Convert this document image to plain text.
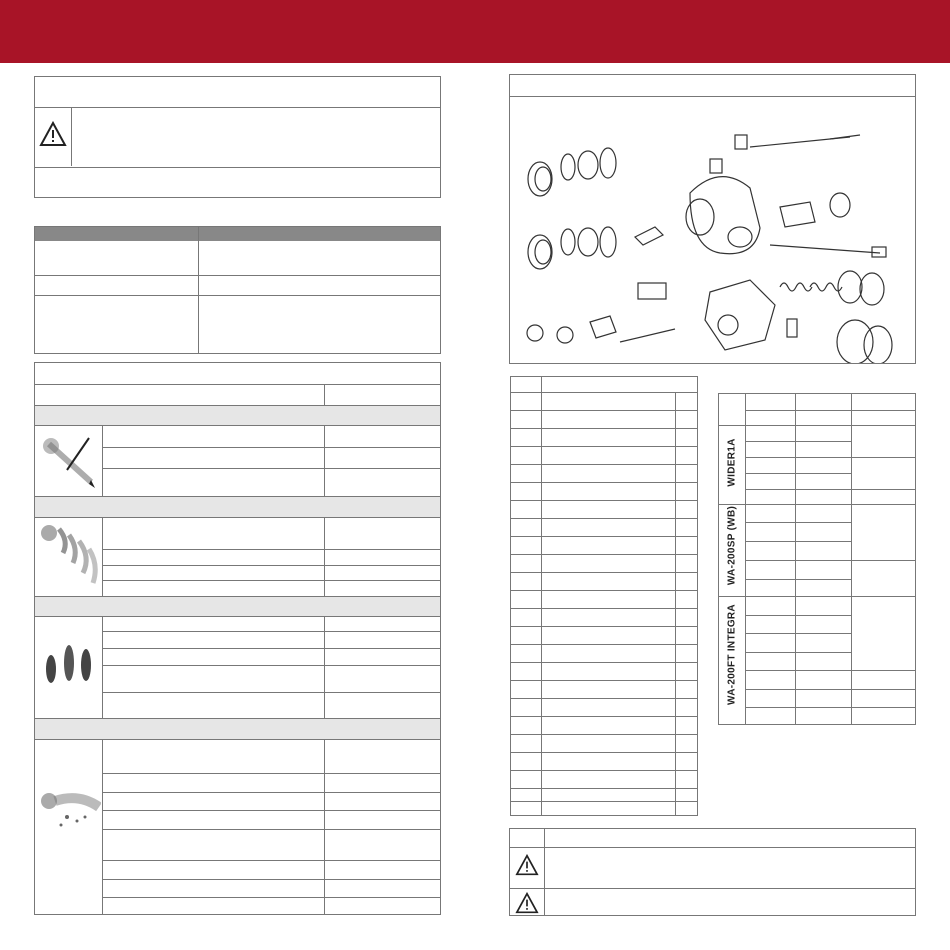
WIDER1A
WA-200SP (WB)
WA-200FT INTEGRA
